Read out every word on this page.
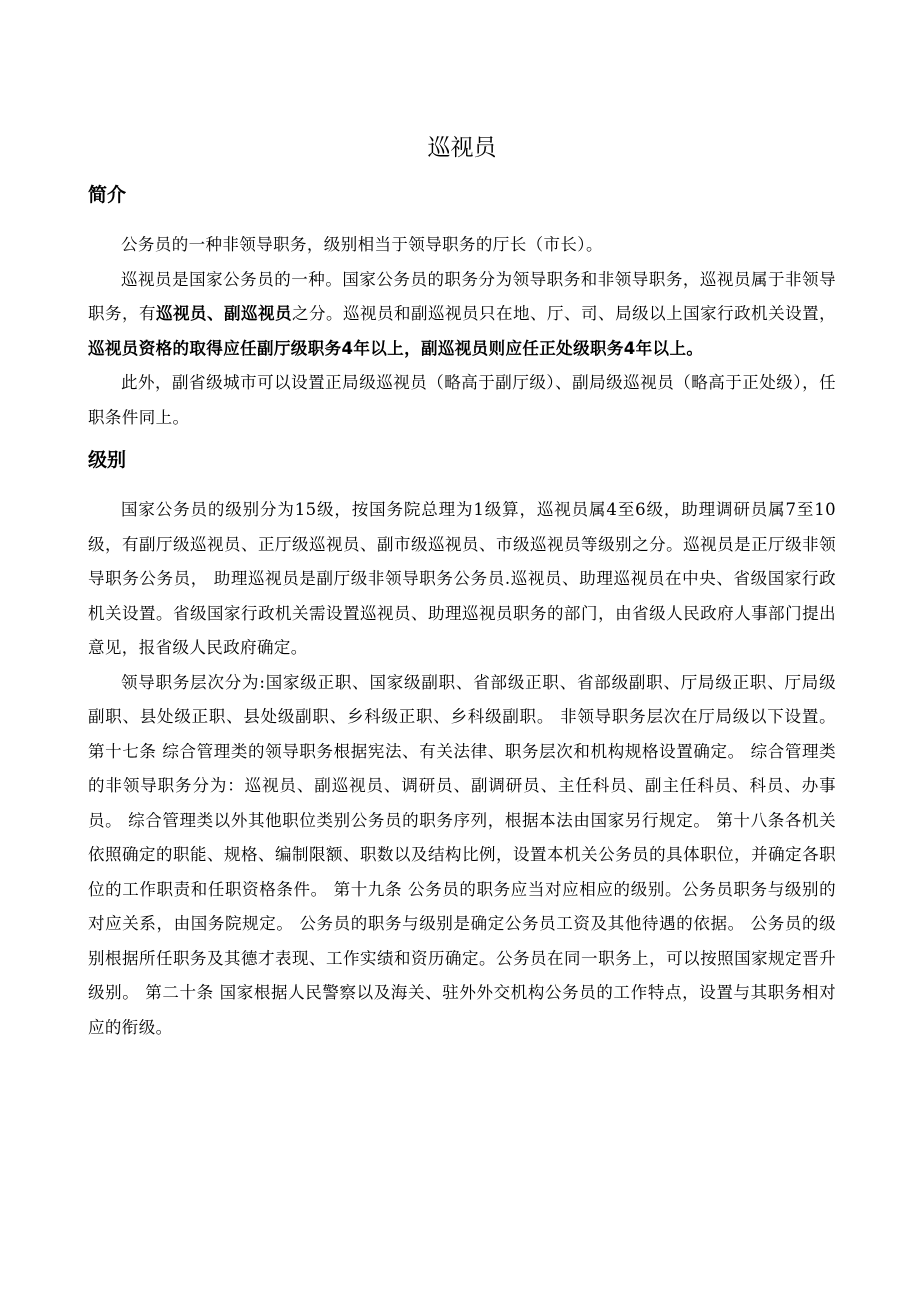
巡视员
简介

公务员的一种非领导职务，级别相当于领导职务的厅长（市长）。

巡视员是国家公务员的一种。国家公务员的职务分为领导职务和非领导职务，巡视员属于非领导职务，有巡视员、副巡视员之分。巡视员和副巡视员只在地、厅、司、局级以上国家行政机关设置，巡视员资格的取得应任副厅级职务4年以上，副巡视员则应任正处级职务4年以上。

此外，副省级城市可以设置正局级巡视员（略高于副厅级）、副局级巡视员（略高于正处级），任职条件同上。

级别

国家公务员的级别分为15级，按国务院总理为1级算，巡视员属4至6级，助理调研员属7至10级，有副厅级巡视员、正厅级巡视员、副市级巡视员、市级巡视员等级别之分。巡视员是正厅级非领导职务公务员， 助理巡视员是副厅级非领导职务公务员.巡视员、助理巡视员在中央、省级国家行政机关设置。省级国家行政机关需设置巡视员、助理巡视员职务的部门，由省级人民政府人事部门提出意见，报省级人民政府确定。

领导职务层次分为:国家级正职、国家级副职、省部级正职、省部级副职、厅局级正职、厅局级副职、县处级正职、县处级副职、乡科级正职、乡科级副职。 非领导职务层次在厅局级以下设置。 第十七条 综合管理类的领导职务根据宪法、有关法律、职务层次和机构规格设置确定。 综合管理类的非领导职务分为：巡视员、副巡视员、调研员、副调研员、主任科员、副主任科员、科员、办事员。 综合管理类以外其他职位类别公务员的职务序列，根据本法由国家另行规定。 第十八条各机关依照确定的职能、规格、编制限额、职数以及结构比例，设置本机关公务员的具体职位，并确定各职位的工作职责和任职资格条件。 第十九条 公务员的职务应当对应相应的级别。公务员职务与级别的对应关系，由国务院规定。 公务员的职务与级别是确定公务员工资及其他待遇的依据。 公务员的级别根据所任职务及其德才表现、工作实绩和资历确定。公务员在同一职务上，可以按照国家规定晋升级别。 第二十条 国家根据人民警察以及海关、驻外外交机构公务员的工作特点，设置与其职务相对应的衔级。
